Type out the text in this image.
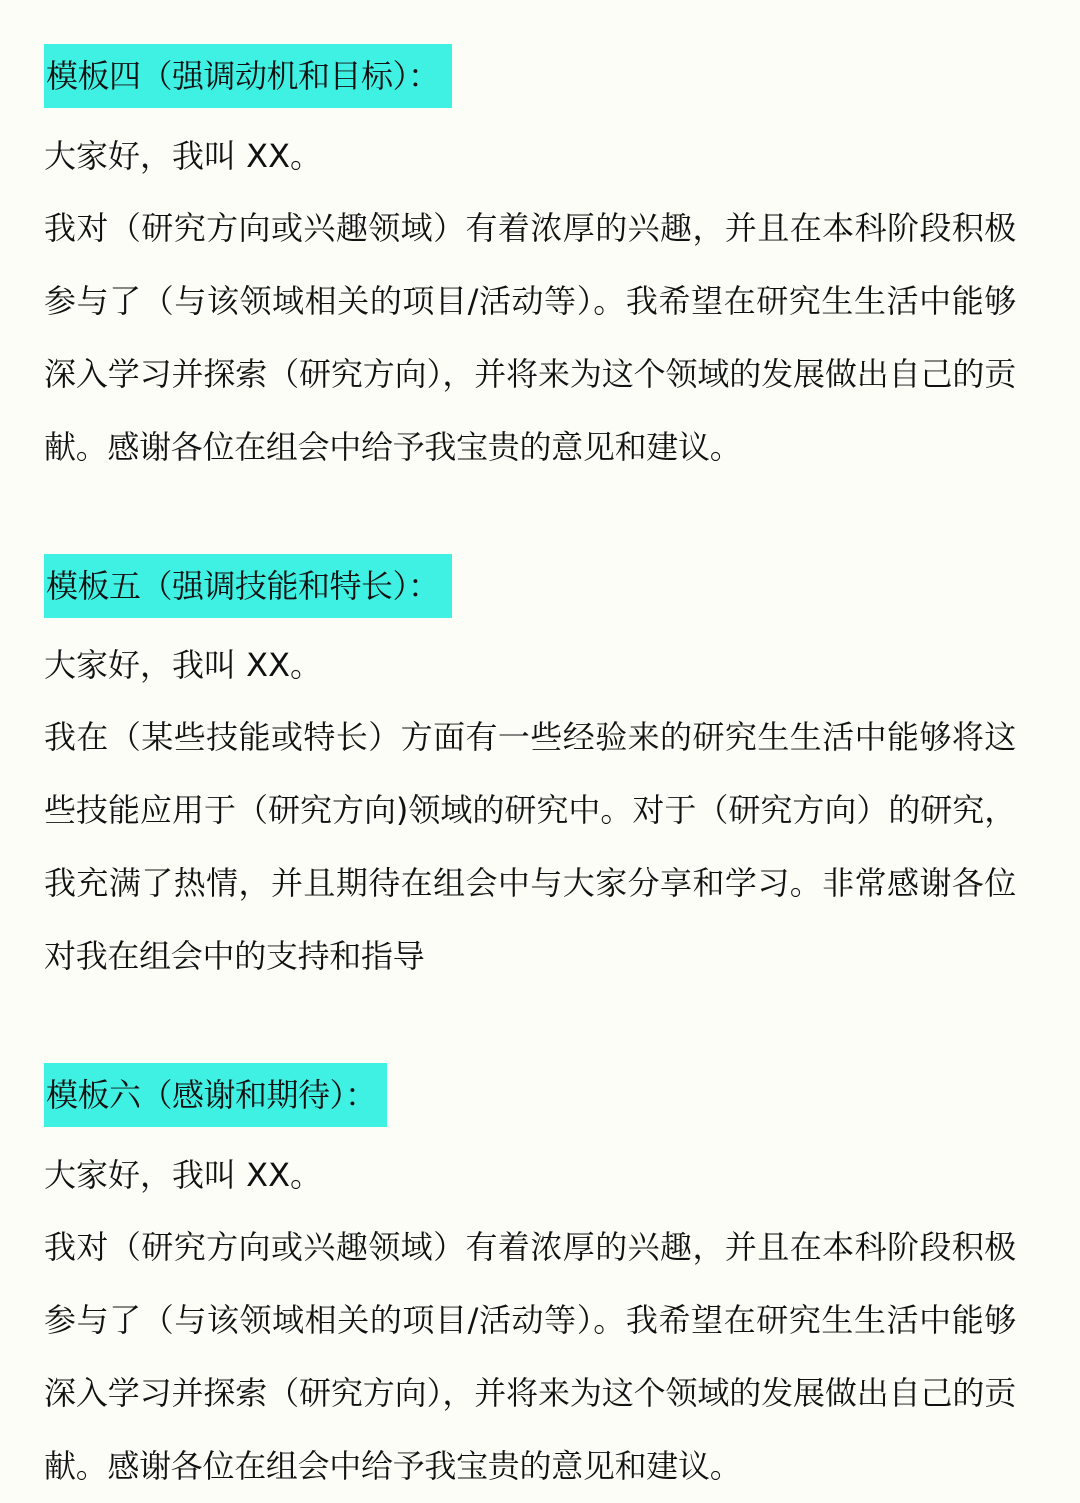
模板四（强调动机和目标）：
大家好，我叫 XX。

我对（研究方向或兴趣领域）有着浓厚的兴趣，并且在本科阶段积极参与了（与该领域相关的项目/活动等）。我希望在研究生生活中能够深入学习并探索（研究方向），并将来为这个领域的发展做出自己的贡献。感谢各位在组会中给予我宝贵的意见和建议。

模板五（强调技能和特长）：
大家好，我叫 XX。

我在（某些技能或特长）方面有一些经验来的研究生生活中能够将这些技能应用于（研究方向)领域的研究中。对于（研究方向）的研究，我充满了热情，并且期待在组会中与大家分享和学习。非常感谢各位对我在组会中的支持和指导

模板六（感谢和期待）：
大家好，我叫 XX。

我对（研究方向或兴趣领域）有着浓厚的兴趣，并且在本科阶段积极参与了（与该领域相关的项目/活动等）。我希望在研究生生活中能够深入学习并探索（研究方向），并将来为这个领域的发展做出自己的贡献。感谢各位在组会中给予我宝贵的意见和建议。
